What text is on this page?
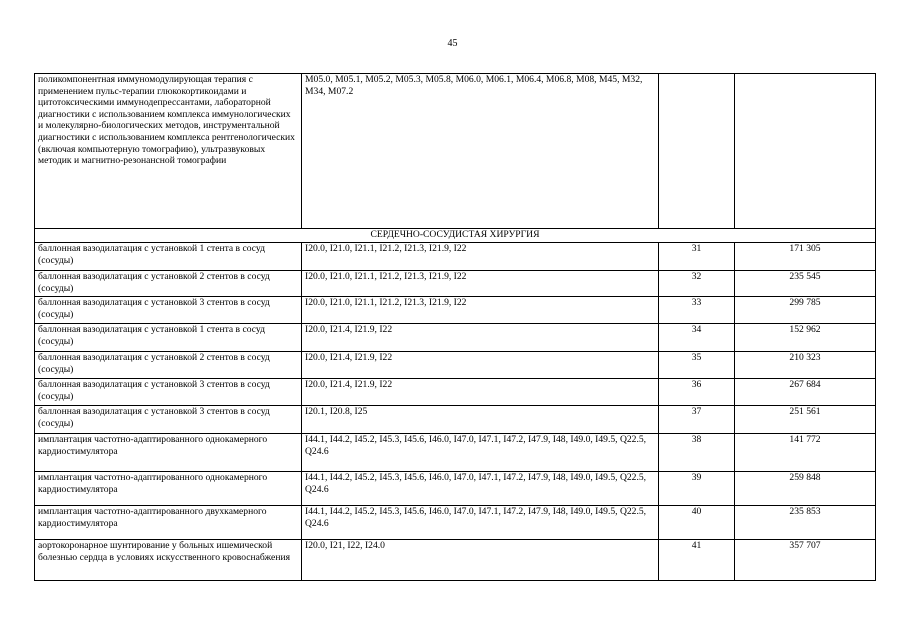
45
поликомпонентная иммуномодулирующая терапия с применением пульс-терапии глюкокортикоидами и цитотоксическими иммунодепрессантами, лабораторной диагностики с использованием комплекса иммунологических и молекулярно-биологических методов, инструментальной диагностики с использованием комплекса рентгенологических (включая компьютерную томографию), ультразвуковых методик и магнитно-резонансной томографии	M05.0, M05.1, M05.2, M05.3, M05.8, M06.0, M06.1, M06.4, M06.8, M08, M45, M32, M34, M07.2		
СЕРДЕЧНО-СОСУДИСТАЯ ХИРУРГИЯ			
баллонная вазодилатация с установкой 1 стента в сосуд (сосуды)	I20.0, I21.0, I21.1, I21.2, I21.3, I21.9, I22	31	171 305
баллонная вазодилатация с установкой 2 стентов в сосуд (сосуды)	I20.0, I21.0, I21.1, I21.2, I21.3, I21.9, I22	32	235 545
баллонная вазодилатация с установкой 3 стентов в сосуд (сосуды)	I20.0, I21.0, I21.1, I21.2, I21.3, I21.9, I22	33	299 785
баллонная вазодилатация с установкой 1 стента в сосуд (сосуды)	I20.0, I21.4, I21.9, I22	34	152 962
баллонная вазодилатация с установкой 2 стентов в сосуд (сосуды)	I20.0, I21.4, I21.9, I22	35	210 323
баллонная вазодилатация с установкой 3 стентов в сосуд (сосуды)	I20.0, I21.4, I21.9, I22	36	267 684
баллонная вазодилатация с установкой 3 стентов в сосуд (сосуды)	I20.1, I20.8, I25	37	251 561
имплантация частотно-адаптированного однокамерного кардиостимулятора	I44.1, I44.2, I45.2, I45.3, I45.6, I46.0, I47.0, I47.1, I47.2, I47.9, I48, I49.0, I49.5, Q22.5, Q24.6	38	141 772
имплантация частотно-адаптированного однокамерного кардиостимулятора	I44.1, I44.2, I45.2, I45.3, I45.6, I46.0, I47.0, I47.1, I47.2, I47.9, I48, I49.0, I49.5, Q22.5, Q24.6	39	259 848
имплантация частотно-адаптированного двухкамерного кардиостимулятора	I44.1, I44.2, I45.2, I45.3, I45.6, I46.0, I47.0, I47.1, I47.2, I47.9, I48, I49.0, I49.5, Q22.5, Q24.6	40	235 853
аортокоронарное шунтирование у больных ишемической болезнью сердца в условиях искусственного кровоснабжения	I20.0, I21, I22, I24.0	41	357 707
